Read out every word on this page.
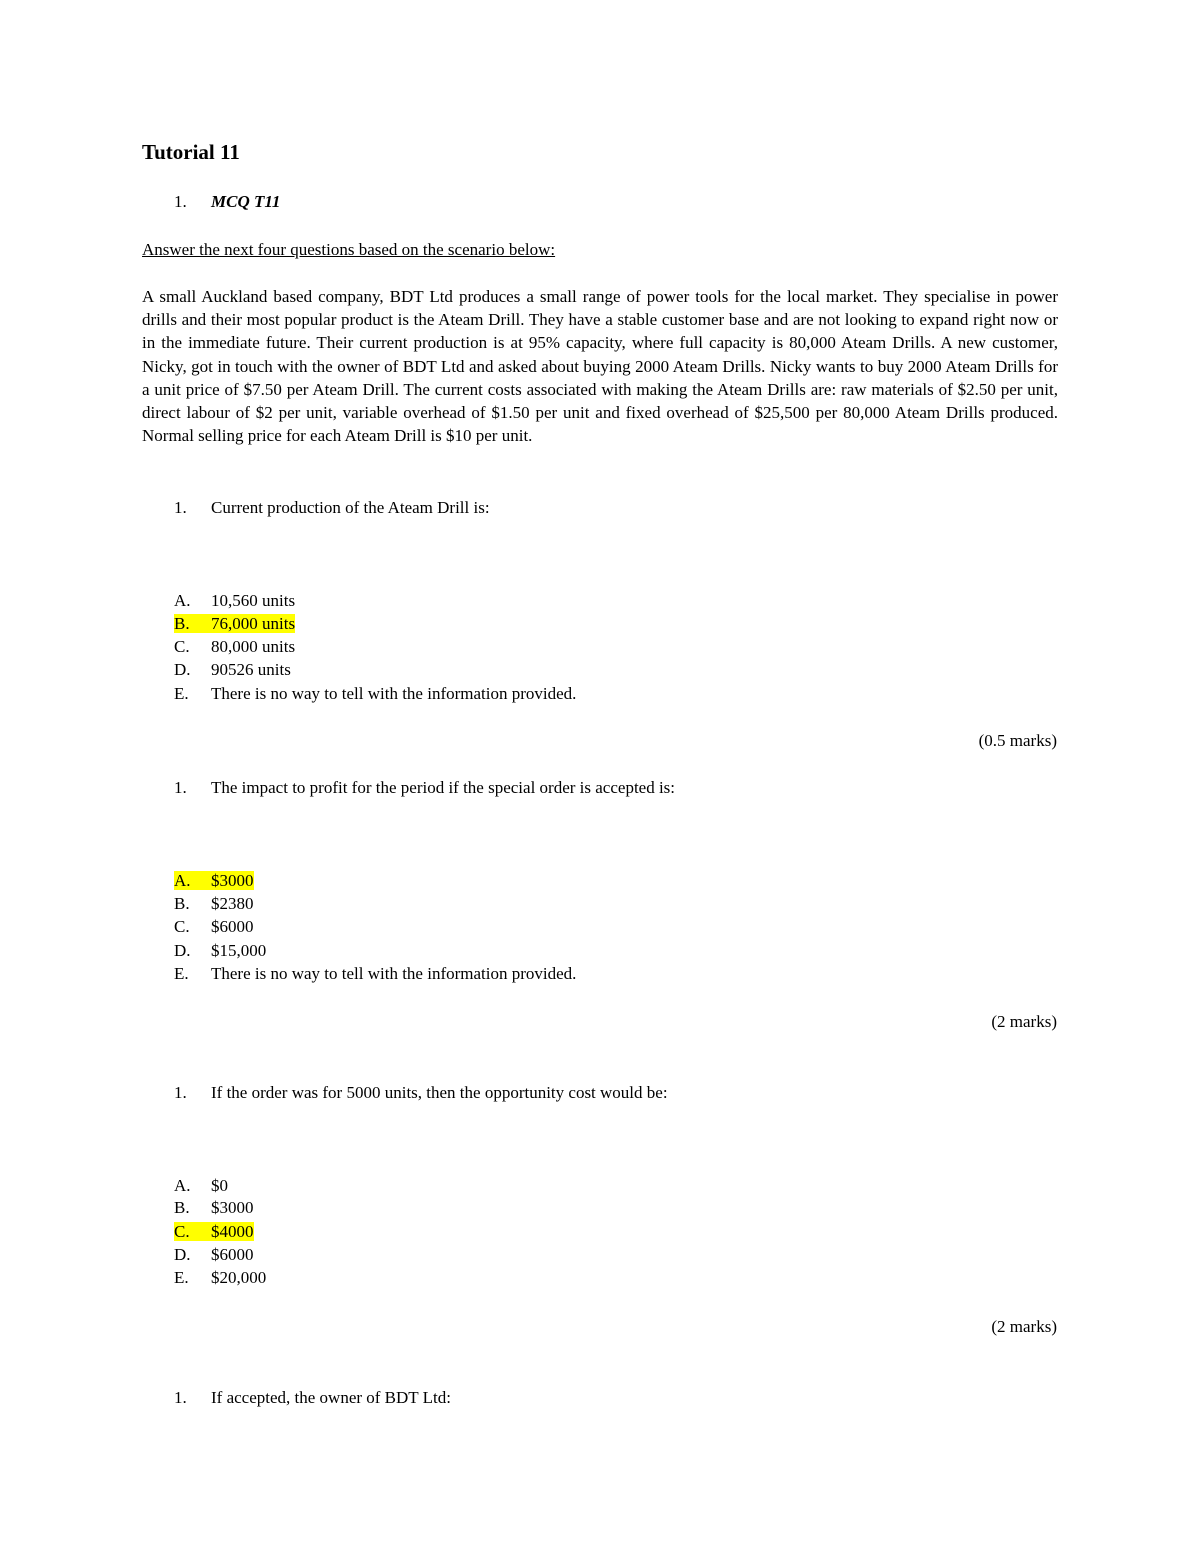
Tutorial 11
1. MCQ T11
Answer the next four questions based on the scenario below:
A small Auckland based company, BDT Ltd produces a small range of power tools for the local market. They specialise in power drills and their most popular product is the Ateam Drill. They have a stable customer base and are not looking to expand right now or in the immediate future. Their current production is at 95% capacity, where full capacity is 80,000 Ateam Drills. A new customer, Nicky, got in touch with the owner of BDT Ltd and asked about buying 2000 Ateam Drills. Nicky wants to buy 2000 Ateam Drills for a unit price of $7.50 per Ateam Drill. The current costs associated with making the Ateam Drills are: raw materials of $2.50 per unit, direct labour of $2 per unit, variable overhead of $1.50 per unit and fixed overhead of $25,500 per 80,000 Ateam Drills produced. Normal selling price for each Ateam Drill is $10 per unit.
1. Current production of the Ateam Drill is:
A. 10,560 units
B. 76,000 units
C. 80,000 units
D. 90526 units
E. There is no way to tell with the information provided.
(0.5 marks)
1. The impact to profit for the period if the special order is accepted is:
A. $3000
B. $2380
C. $6000
D. $15,000
E. There is no way to tell with the information provided.
(2 marks)
1. If the order was for 5000 units, then the opportunity cost would be:
A. $0
B. $3000
C. $4000
D. $6000
E. $20,000
(2 marks)
1. If accepted, the owner of BDT Ltd:
